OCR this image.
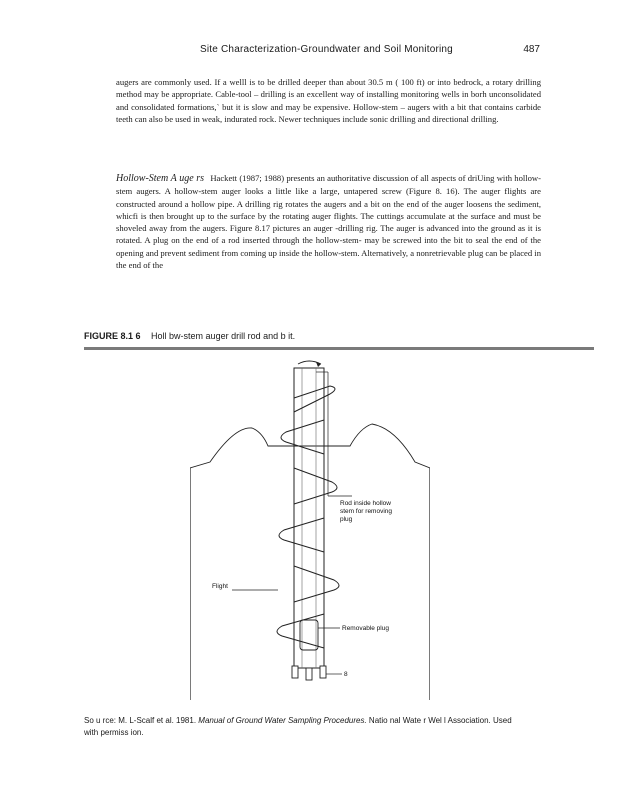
Site Characterization-Groundwater and Soil Monitoring	487
augers are commonly used. If a welll is to be drilled deeper than about 30.5 m ( 100 ft) or into bedrock, a rotary drilling method may be appropriate. Cable-tool – drilling is an excellent way of installing monitoring wells in borh unconsolidated and consolidated formations,` but it is slow and may be expensive. Hollow-stem – augers with a bit that contains carbide teeth can also be used in weak, indurated rock. Newer techniques include sonic drilling and directional drilling.
Hollow-Stem A uge rs Hackett (1987; 1988) presents an authoritative discussion of all aspects of driUing with hollow-stem augers. A hollow-stem auger looks a little like a large, untapered screw (Figure 8. 16). The auger flights are constructed around a hollow pipe. A drilling rig rotates the augers and a bit on the end of the auger loosens the sediment, whicfi is then brought up to the surface by the rotating auger flights. The cuttings accumulate at the surface and must be shoveled away from the augers. Figure 8.17 pictures an auger -drilling rig. The auger is advanced into the ground as it is rotated. A plug on the end of a rod inserted through the hollow-stem- may be screwed into the bit to seal the end of the opening and prevent sediment from coming up inside the hollow-stem. Alternatively, a nonretrievable plug can be placed in the end of the
FIGURE 8.1 6 Holl bw-stem auger drill rod and b it.
Rod inside hollow
stem for removing
plug
Flight
Removable plug
8
So u rce: M. L-Scalf et al. 1981. Manual of Ground Water Sampling Procedures. Natio nal Wate r Wel l Association. Used with permiss ion.
